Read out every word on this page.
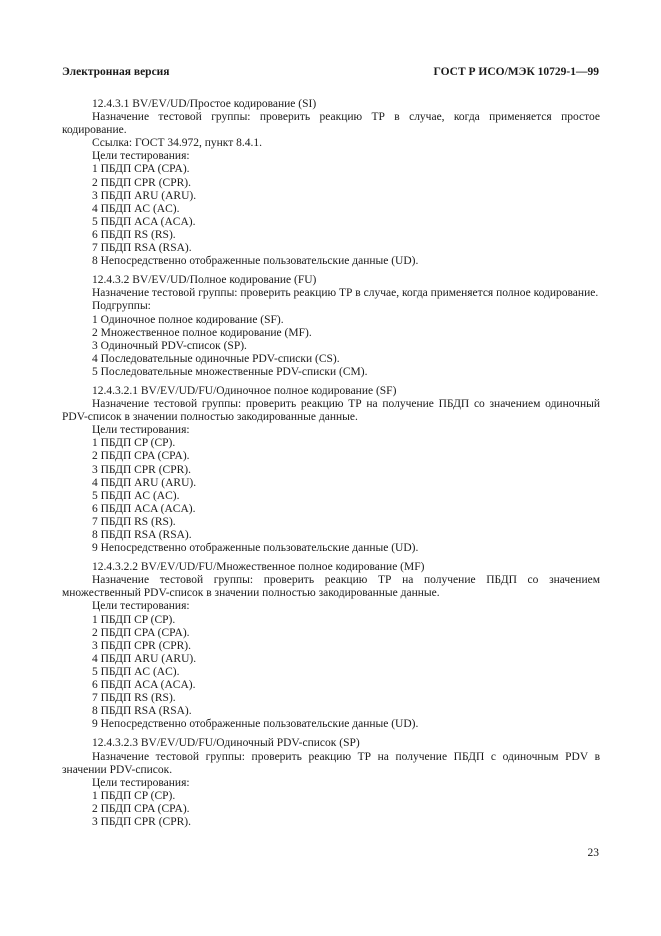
Электронная версия	ГОСТ Р ИСО/МЭК 10729-1—99

12.4.3.1 BV/EV/UD/Простое кодирование (SI)

Назначение тестовой группы: проверить реакцию ТР в случае, когда применяется простое кодирование.

Ссылка: ГОСТ 34.972, пункт 8.4.1.

Цели тестирования:

1 ПБДП CPA (CPA).
2 ПБДП CPR (CPR).
3 ПБДП ARU (ARU).
4 ПБДП AC (AC).
5 ПБДП ACA (ACA).
6 ПБДП RS (RS).
7 ПБДП RSA (RSA).
8 Непосредственно отображенные пользовательские данные (UD).

12.4.3.2 BV/EV/UD/Полное кодирование (FU)

Назначение тестовой группы: проверить реакцию ТР в случае, когда применяется полное кодирование.

Подгруппы:

1 Одиночное полное кодирование (SF).
2 Множественное полное кодирование (MF).
3 Одиночный PDV-список (SP).
4 Последовательные одиночные PDV-списки (CS).
5 Последовательные множественные PDV-списки (CM).

12.4.3.2.1 BV/EV/UD/FU/Одиночное полное кодирование (SF)

Назначение тестовой группы: проверить реакцию ТР на получение ПБДП со значением одиночный PDV-список в значении полностью закодированные данные.

Цели тестирования:

1 ПБДП CP (CP).
2 ПБДП CPA (CPA).
3 ПБДП CPR (CPR).
4 ПБДП ARU (ARU).
5 ПБДП AC (AC).
6 ПБДП ACA (ACA).
7 ПБДП RS (RS).
8 ПБДП RSA (RSA).
9 Непосредственно отображенные пользовательские данные (UD).

12.4.3.2.2 BV/EV/UD/FU/Множественное полное кодирование (MF)

Назначение тестовой группы: проверить реакцию ТР на получение ПБДП со значением множественный PDV-список в значении полностью закодированные данные.

Цели тестирования:

1 ПБДП CP (CP).
2 ПБДП CPA (CPA).
3 ПБДП CPR (CPR).
4 ПБДП ARU (ARU).
5 ПБДП AC (AC).
6 ПБДП ACA (ACA).
7 ПБДП RS (RS).
8 ПБДП RSA (RSA).
9 Непосредственно отображенные пользовательские данные (UD).

12.4.3.2.3 BV/EV/UD/FU/Одиночный PDV-список (SP)

Назначение тестовой группы: проверить реакцию ТР на получение ПБДП с одиночным PDV в значении PDV-список.

Цели тестирования:

1 ПБДП CP (CP).
2 ПБДП CPA (CPA).
3 ПБДП CPR (CPR).
23
